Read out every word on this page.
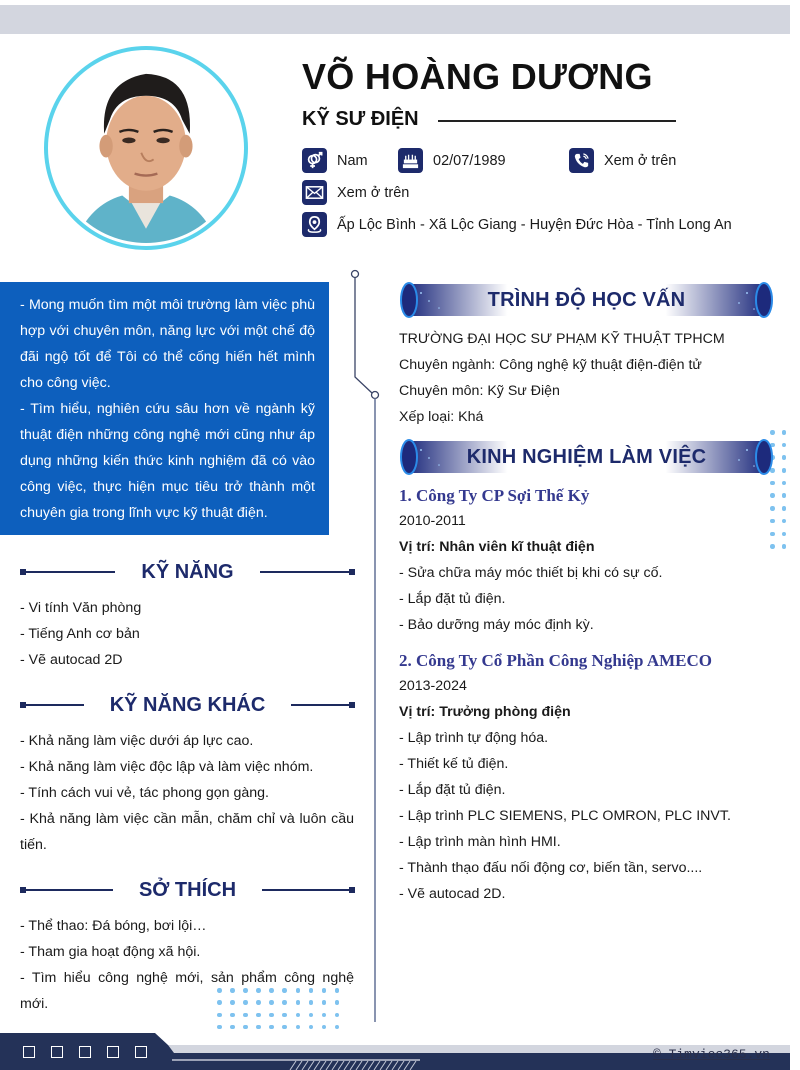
VÕ HOÀNG DƯƠNG
KỸ SƯ ĐIỆN
Nam	02/07/1989	Xem ở trên
Xem ở trên
Ấp Lộc Bình - Xã Lộc Giang - Huyện Đức Hòa - Tỉnh Long An

- Mong muốn tìm một môi trường làm việc phù hợp với chuyên môn, năng lực với một chế độ đãi ngộ tốt để Tôi có thể cống hiến hết mình cho công việc.

- Tìm hiểu, nghiên cứu sâu hơn về ngành kỹ thuật điện những công nghệ mới cũng như áp dụng những kiến thức kinh nghiệm đã có vào công việc, thực hiện mục tiêu trở thành một chuyên gia trong lĩnh vực kỹ thuật điện.

KỸ NĂNG
- Vi tính Văn phòng
- Tiếng Anh cơ bản
- Vẽ autocad 2D
KỸ NĂNG KHÁC
- Khả năng làm việc dưới áp lực cao.
- Khả năng làm việc độc lập và làm việc nhóm.
- Tính cách vui vẻ, tác phong gọn gàng.
- Khả năng làm việc cần mẫn, chăm chỉ và luôn cầu tiến.
SỞ THÍCH
- Thể thao: Đá bóng, bơi lội…
- Tham gia hoạt động xã hội.
- Tìm hiểu công nghệ mới, sản phẩm công nghệ mới.
TRÌNH ĐỘ HỌC VẤN
TRƯỜNG ĐẠI HỌC SƯ PHẠM KỸ THUẬT TPHCM
Chuyên ngành: Công nghệ kỹ thuật điện-điện tử
Chuyên môn: Kỹ Sư Điện
Xếp loại: Khá
KINH NGHIỆM LÀM VIỆC
1. Công Ty CP Sợi Thế Kỷ
2010-2011
Vị trí: Nhân viên kĩ thuật điện
- Sửa chữa máy móc thiết bị khi có sự cố.
- Lắp đặt tủ điện.
- Bảo dưỡng máy móc định kỳ.
2. Công Ty Cổ Phần Công Nghiệp AMECO
2013-2024
Vị trí: Trưởng phòng điện
- Lập trình tự động hóa.
- Thiết kế tủ điện.
- Lắp đặt tủ điện.
- Lập trình PLC SIEMENS, PLC OMRON, PLC INVT.
- Lập trình màn hình HMI.
- Thành thạo đấu nối động cơ, biến tần, servo....
- Vẽ autocad 2D.
© Timviec365.vn
